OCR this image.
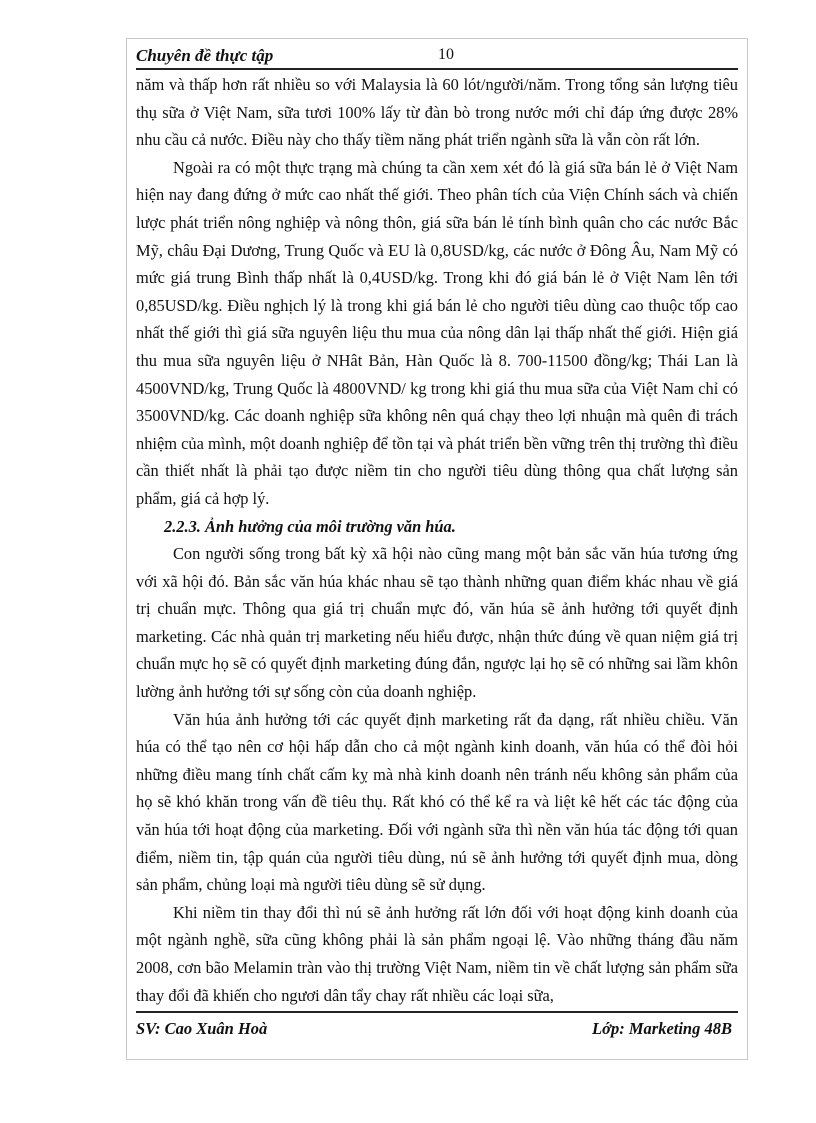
Chuyên đề thực tập	10

năm và thấp hơn rất nhiều so với Malaysia là 60 lót/người/năm. Trong tổng sản lượng tiêu thụ sữa ở Việt Nam, sữa tươi 100% lấy từ đàn bò trong nước mới chỉ đáp ứng được 28% nhu cầu cả nước. Điều này cho thấy tiềm năng phát triển ngành sữa là vẫn còn rất lớn.

Ngoài ra có một thực trạng mà chúng ta cần xem xét đó là giá sữa bán lẻ ở Việt Nam hiện nay đang đứng ở mức cao nhất thế giới. Theo phân tích của Viện Chính sách và chiến lược phát triển nông nghiệp và nông thôn, giá sữa bán lẻ tính bình quân cho các nước Bắc Mỹ, châu Đại Dương, Trung Quốc và EU là 0,8USD/kg, các nước ở Đông Âu, Nam Mỹ có mức giá trung Bình thấp nhất là 0,4USD/kg. Trong khi đó giá bán lẻ ở Việt Nam lên tới 0,85USD/kg. Điều nghịch lý là trong khi giá bán lẻ cho người tiêu dùng cao thuộc tốp cao nhất thế giới thì giá sữa nguyên liệu thu mua của nông dân lại thấp nhất thế giới. Hiện giá thu mua sữa nguyên liệu ở NHât Bản, Hàn Quốc là 8. 700-11500 đồng/kg; Thái Lan là 4500VND/kg, Trung Quốc là 4800VND/ kg trong khi giá thu mua sữa của Việt Nam chỉ có 3500VND/kg. Các doanh nghiệp sữa không nên quá chạy theo lợi nhuận mà quên đi trách nhiệm của mình, một doanh nghiệp để tồn tại và phát triển bền vững trên thị trường thì điều cần thiết nhất là phải tạo được niềm tin cho người tiêu dùng thông qua chất lượng sản phẩm, giá cả hợp lý.

2.2.3. Ảnh hưởng của môi trường văn húa.

Con người sống trong bất kỳ xã hội nào cũng mang một bản sắc văn húa tương ứng với xã hội đó. Bản sắc văn húa khác nhau sẽ tạo thành những quan điểm khác nhau về giá trị chuẩn mực. Thông qua giá trị chuẩn mực đó, văn húa sẽ ảnh hưởng tới quyết định marketing. Các nhà quản trị marketing nếu hiểu được, nhận thức đúng về quan niệm giá trị chuẩn mực họ sẽ có quyết định marketing đúng đắn, ngược lại họ sẽ có những sai lầm khôn lường ảnh hưởng tới sự sống còn của doanh nghiệp.

Văn húa ảnh hưởng tới các quyết định marketing rất đa dạng, rất nhiều chiều. Văn húa có thể tạo nên cơ hội hấp dẫn cho cả một ngành kinh doanh, văn húa có thể đòi hỏi những điều mang tính chất cấm kỵ mà nhà kinh doanh nên tránh nếu không sản phẩm của họ sẽ khó khăn trong vấn đề tiêu thụ. Rất khó có thể kể ra và liệt kê hết các tác động của văn húa tới hoạt động của marketing. Đối với ngành sữa thì nền văn húa tác động tới quan điểm, niềm tin, tập quán của người tiêu dùng, nú sẽ ảnh hưởng tới quyết định mua, dòng sản phẩm, chủng loại mà người tiêu dùng sẽ sử dụng.

Khi niềm tin thay đổi thì nú sẽ ảnh hưởng rất lớn đối với hoạt động kinh doanh của một ngành nghề, sữa cũng không phải là sản phẩm ngoại lệ. Vào những tháng đầu năm 2008, cơn bão Melamin tràn vào thị trường Việt Nam, niềm tin về chất lượng sản phẩm sữa thay đổi đã khiến cho ngươi dân tẩy chay rất nhiều các loại sữa,

SV: Cao Xuân Hoà	Lớp: Marketing 48B
